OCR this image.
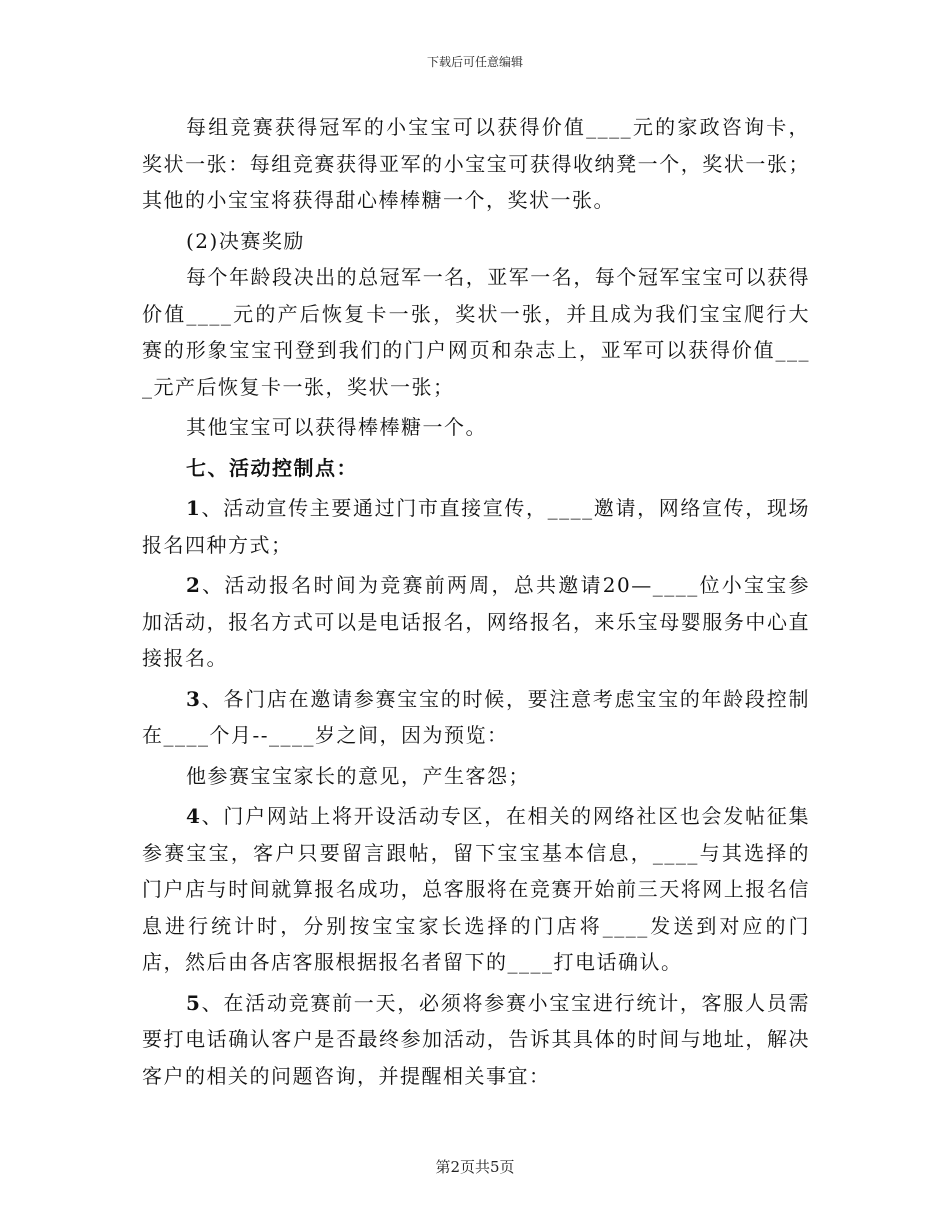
下载后可任意编辑

每组竞赛获得冠军的小宝宝可以获得价值____元的家政咨询卡，奖状一张：每组竞赛获得亚军的小宝宝可获得收纳凳一个，奖状一张；其他的小宝宝将获得甜心棒棒糖一个，奖状一张。

(2)决赛奖励

每个年龄段决出的总冠军一名，亚军一名，每个冠军宝宝可以获得价值____元的产后恢复卡一张，奖状一张，并且成为我们宝宝爬行大赛的形象宝宝刊登到我们的门户网页和杂志上，亚军可以获得价值____元产后恢复卡一张，奖状一张；

其他宝宝可以获得棒棒糖一个。

七、活动控制点：

1、活动宣传主要通过门市直接宣传，____邀请，网络宣传，现场报名四种方式；

2、活动报名时间为竞赛前两周，总共邀请20—____位小宝宝参加活动，报名方式可以是电话报名，网络报名，来乐宝母婴服务中心直接报名。

3、各门店在邀请参赛宝宝的时候，要注意考虑宝宝的年龄段控制在____个月--____岁之间，因为预览：

他参赛宝宝家长的意见，产生客怨；

4、门户网站上将开设活动专区，在相关的网络社区也会发帖征集参赛宝宝，客户只要留言跟帖，留下宝宝基本信息，____与其选择的门户店与时间就算报名成功，总客服将在竞赛开始前三天将网上报名信息进行统计时，分别按宝宝家长选择的门店将____发送到对应的门店，然后由各店客服根据报名者留下的____打电话确认。

5、在活动竞赛前一天，必须将参赛小宝宝进行统计，客服人员需要打电话确认客户是否最终参加活动，告诉其具体的时间与地址，解决客户的相关的问题咨询，并提醒相关事宜：

第2页共5页
